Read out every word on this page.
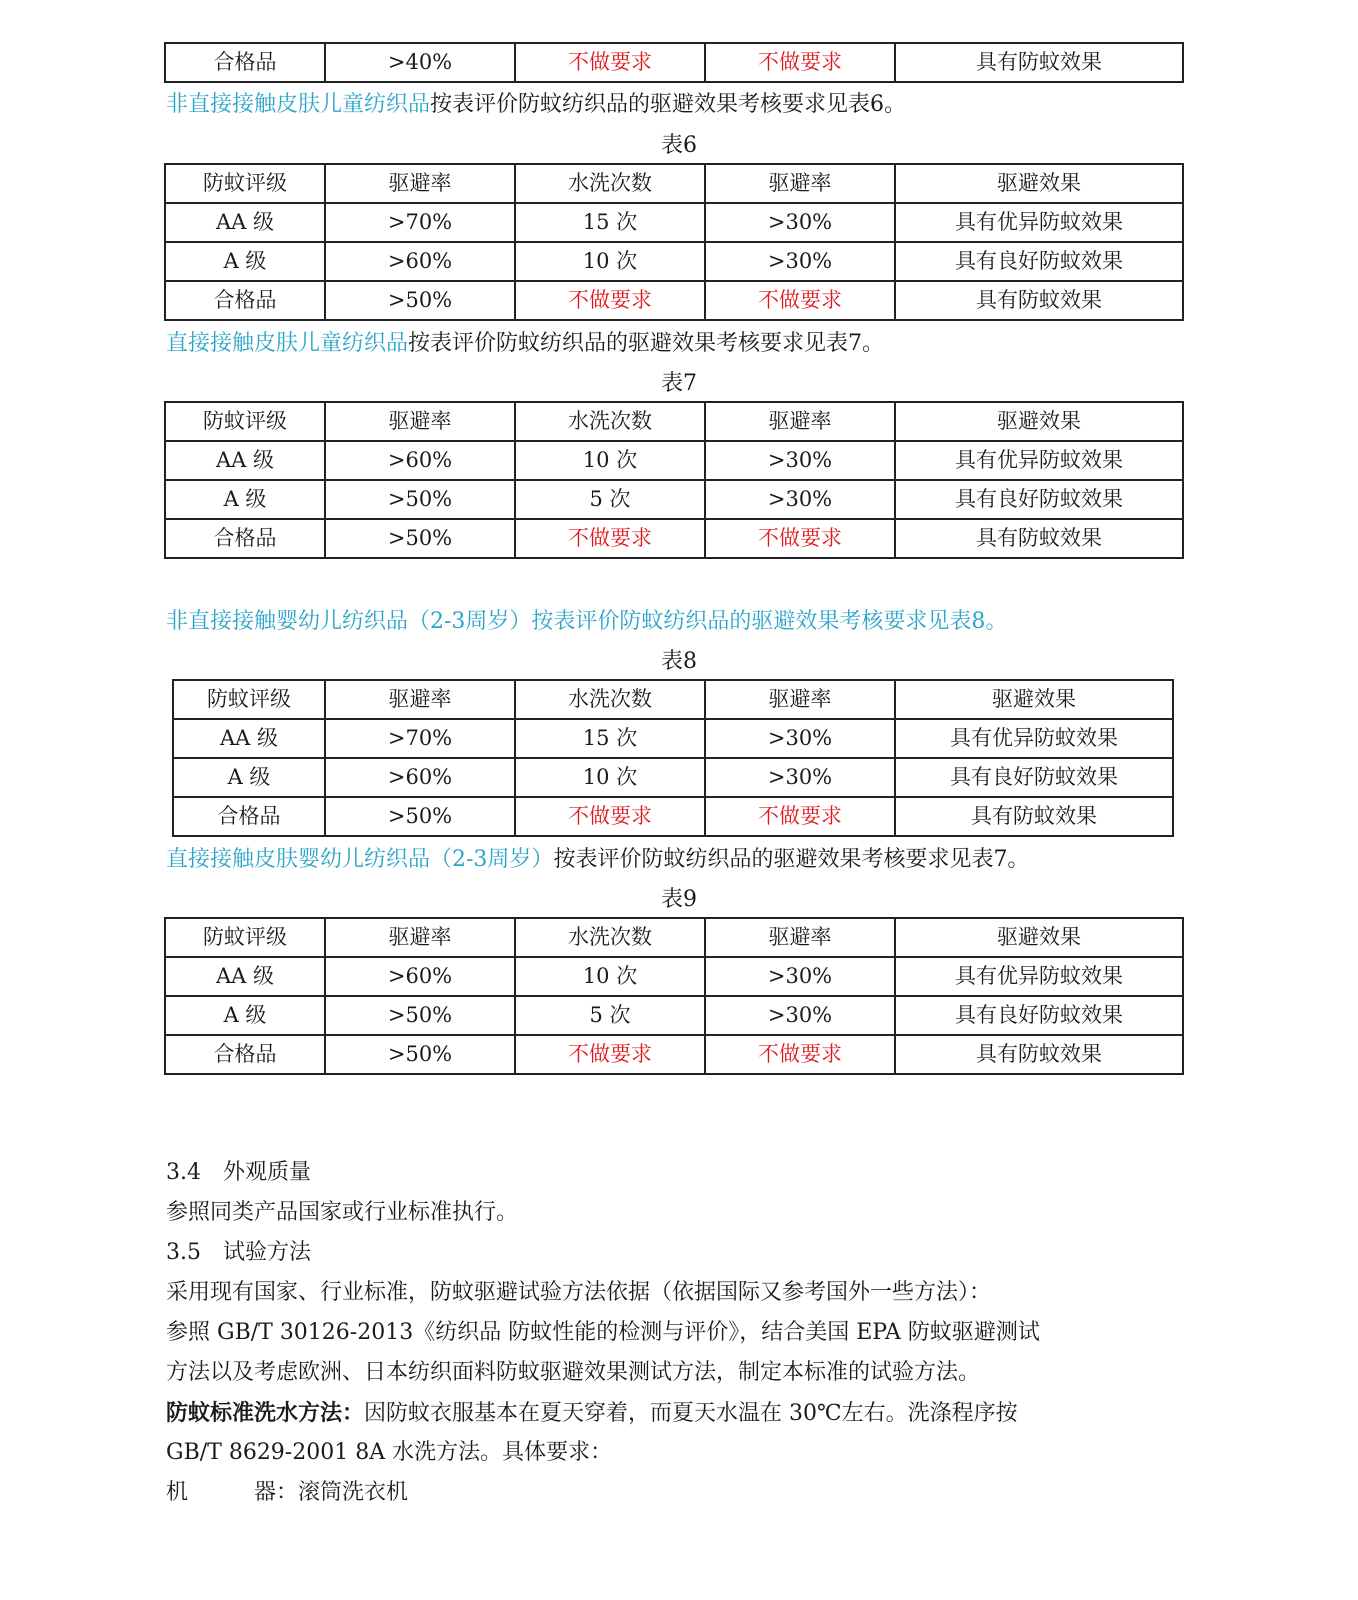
合格品	>40%	不做要求	不做要求	具有防蚊效果
非直接接触皮肤儿童纺织品按表评价防蚊纺织品的驱避效果考核要求见表6。
表6
防蚊评级	驱避率	水洗次数	驱避率	驱避效果
AA 级	>70%	15 次	>30%	具有优异防蚊效果
A 级	>60%	10 次	>30%	具有良好防蚊效果
合格品	>50%	不做要求	不做要求	具有防蚊效果
直接接触皮肤儿童纺织品按表评价防蚊纺织品的驱避效果考核要求见表7。
表7
防蚊评级	驱避率	水洗次数	驱避率	驱避效果
AA 级	>60%	10 次	>30%	具有优异防蚊效果
A 级	>50%	5 次	>30%	具有良好防蚊效果
合格品	>50%	不做要求	不做要求	具有防蚊效果
非直接接触婴幼儿纺织品（2-3周岁）按表评价防蚊纺织品的驱避效果考核要求见表8。
表8
防蚊评级	驱避率	水洗次数	驱避率	驱避效果
AA 级	>70%	15 次	>30%	具有优异防蚊效果
A 级	>60%	10 次	>30%	具有良好防蚊效果
合格品	>50%	不做要求	不做要求	具有防蚊效果
直接接触皮肤婴幼儿纺织品（2-3周岁）按表评价防蚊纺织品的驱避效果考核要求见表7。
表9
防蚊评级	驱避率	水洗次数	驱避率	驱避效果
AA 级	>60%	10 次	>30%	具有优异防蚊效果
A 级	>50%	5 次	>30%	具有良好防蚊效果
合格品	>50%	不做要求	不做要求	具有防蚊效果
3.4　外观质量
参照同类产品国家或行业标准执行。
3.5　试验方法
采用现有国家、行业标准，防蚊驱避试验方法依据（依据国际又参考国外一些方法）：
参照 GB/T 30126-2013《纺织品 防蚊性能的检测与评价》，结合美国 EPA 防蚊驱避测试
方法以及考虑欧洲、日本纺织面料防蚊驱避效果测试方法，制定本标准的试验方法。
防蚊标准洗水方法：因防蚊衣服基本在夏天穿着，而夏天水温在 30℃左右。洗涤程序按
GB/T 8629-2001 8A 水洗方法。具体要求：
机　　　器：滚筒洗衣机
